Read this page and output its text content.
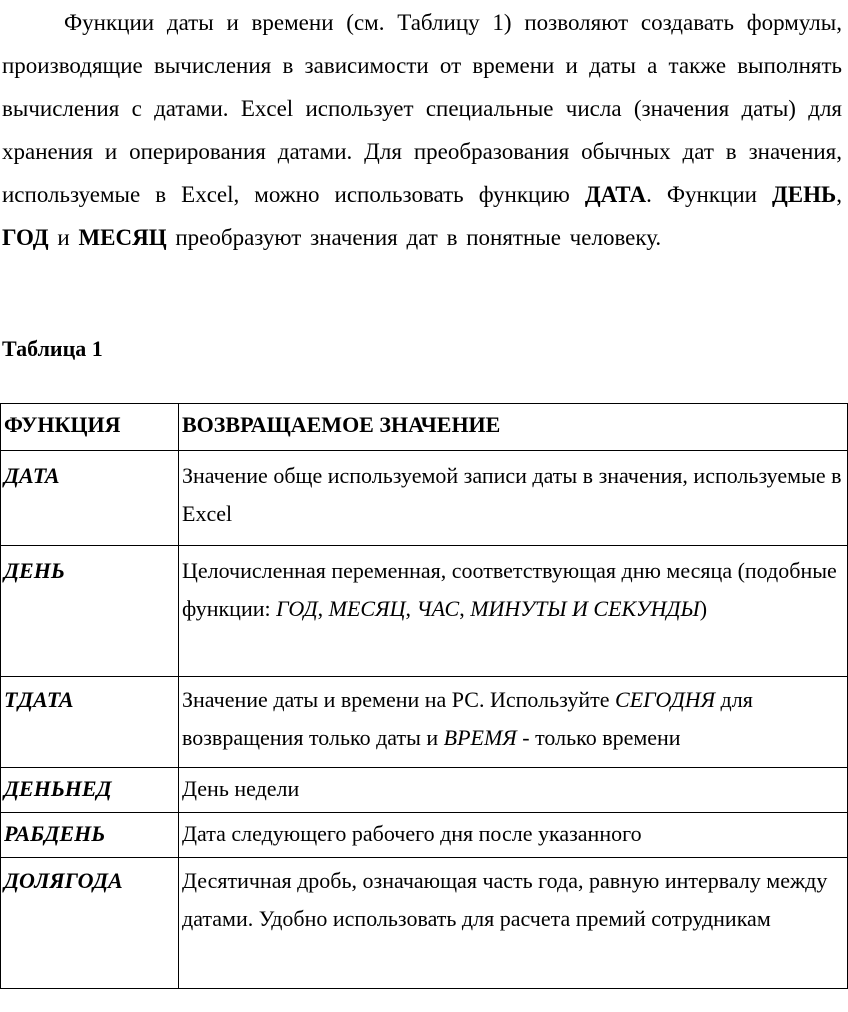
Функции даты и времени (см. Таблицу 1) позволяют создавать формулы, производящие вычисления в зависимости от времени и даты а также выполнять вычисления с датами. Excel использует специальные числа (значения даты) для хранения и оперирования датами. Для преобразования обычных дат в значения, используемые в Excel, можно использовать функцию ДАТА. Функции ДЕНЬ, ГОД и МЕСЯЦ преобразуют значения дат в понятные человеку.

Таблица 1

ФУНКЦИЯ	ВОЗВРАЩАЕМОЕ ЗНАЧЕНИЕ
ДАТА	Значение обще используемой записи даты в значения, используемые в Excel
ДЕНЬ	Целочисленная переменная, соответствующая дню месяца (подобные функции: ГОД, МЕСЯЦ, ЧАС, МИНУТЫ И СЕКУНДЫ)
ТДАТА	Значение даты и времени на РС. Используйте СЕГОДНЯ для возвращения только даты и ВРЕМЯ - только времени
ДЕНЬНЕД	День недели
РАБДЕНЬ	Дата следующего рабочего дня после указанного
ДОЛЯГОДА	Десятичная дробь, означающая часть года, равную интервалу между датами. Удобно использовать для расчета премий сотрудникам
